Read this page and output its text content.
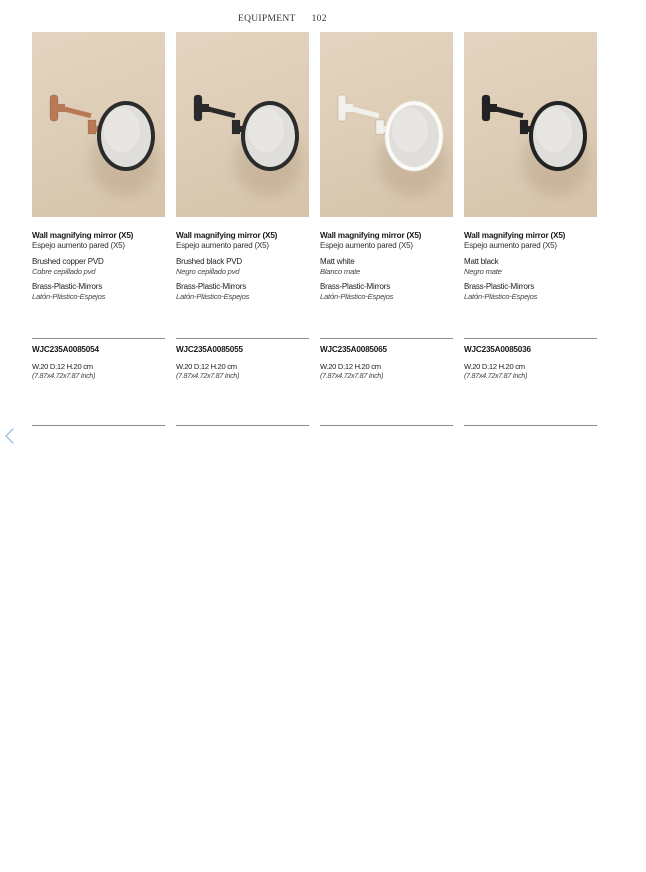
EQUIPMENT 102
Wall magnifying mirror (X5)
Espejo aumento pared (X5)
Brushed copper PVD
Cobre cepillado pvd
Brass-Plastic-Mirrors
Latón-Plástico-Espejos
WJC235A0085054
W.20 D.12 H.20 cm
(7.87x4.72x7.87 Inch)
Wall magnifying mirror (X5)
Espejo aumento pared (X5)
Brushed black PVD
Negro cepillado pvd
Brass-Plastic-Mirrors
Latón-Plástico-Espejos
WJC235A0085055
W.20 D.12 H.20 cm
(7.87x4.72x7.87 Inch)
Wall magnifying mirror (X5)
Espejo aumento pared (X5)
Matt white
Blanco mate
Brass-Plastic-Mirrors
Latón-Plástico-Espejos
WJC235A0085065
W.20 D.12 H.20 cm
(7.87x4.72x7.87 Inch)
Wall magnifying mirror (X5)
Espejo aumento pared (X5)
Matt black
Negro mate
Brass-Plastic-Mirrors
Latón-Plástico-Espejos
WJC235A0085036
W.20 D.12 H.20 cm
(7.87x4.72x7.87 Inch)
